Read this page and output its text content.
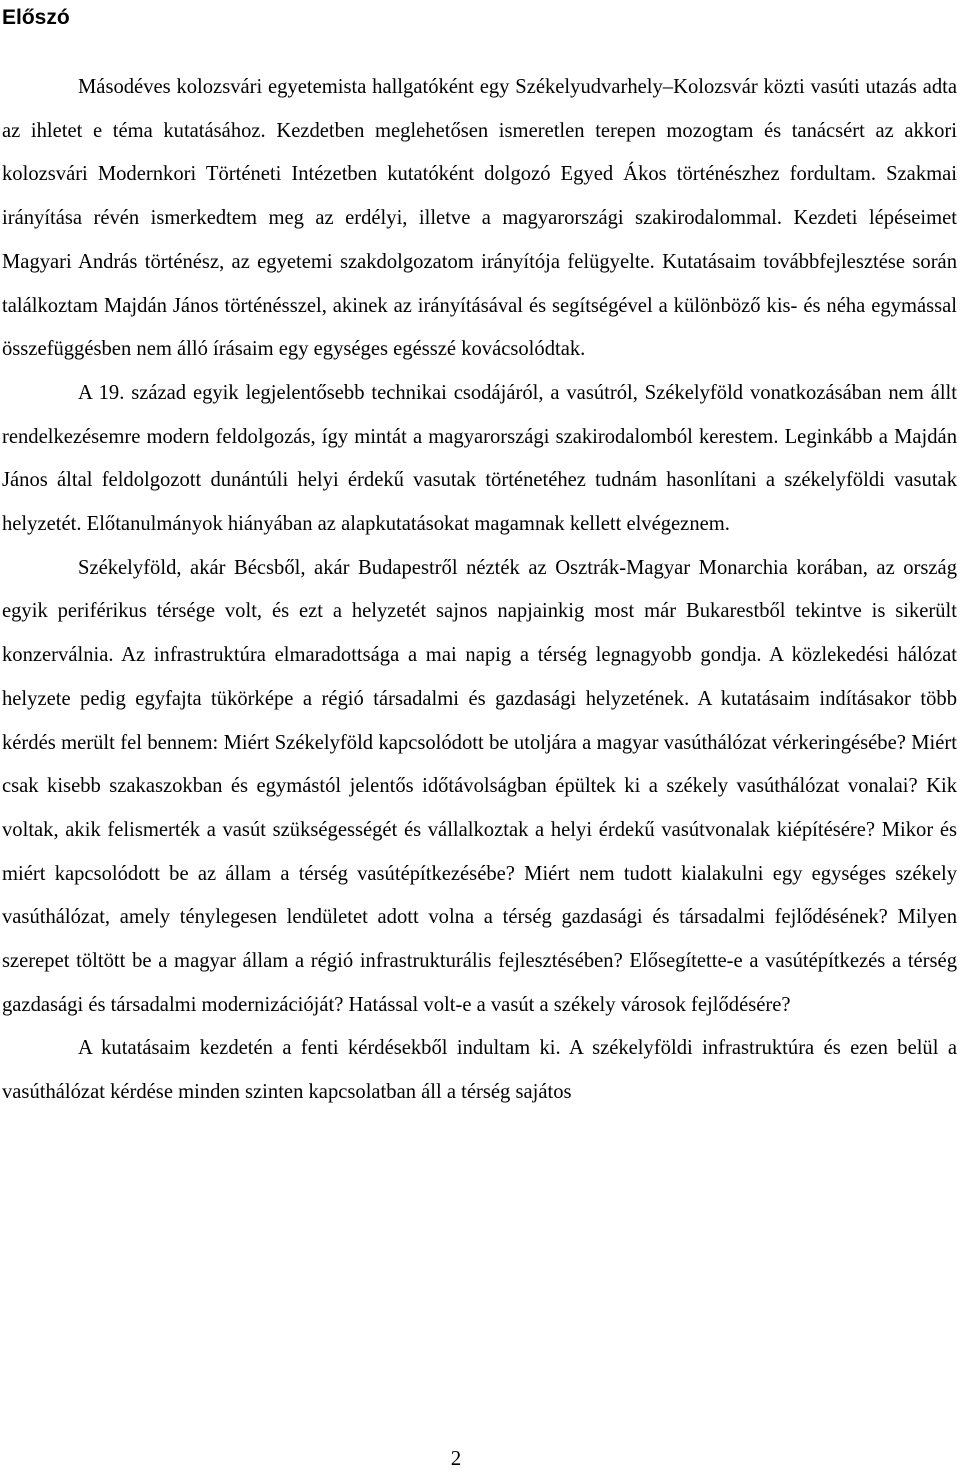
Előszó

Másodéves kolozsvári egyetemista hallgatóként egy Székelyudvarhely–Kolozsvár közti vasúti utazás adta az ihletet e téma kutatásához. Kezdetben meglehetősen ismeretlen terepen mozogtam és tanácsért az akkori kolozsvári Modernkori Történeti Intézetben kutatóként dolgozó Egyed Ákos történészhez fordultam. Szakmai irányítása révén ismerkedtem meg az erdélyi, illetve a magyarországi szakirodalommal. Kezdeti lépéseimet Magyari András történész, az egyetemi szakdolgozatom irányítója felügyelte. Kutatásaim továbbfejlesztése során találkoztam Majdán János történésszel, akinek az irányításával és segítségével a különböző kis- és néha egymással összefüggésben nem álló írásaim egy egységes egésszé kovácsolódtak.

A 19. század egyik legjelentősebb technikai csodájáról, a vasútról, Székelyföld vonatkozásában nem állt rendelkezésemre modern feldolgozás, így mintát a magyarországi szakirodalomból kerestem. Leginkább a Majdán János által feldolgozott dunántúli helyi érdekű vasutak történetéhez tudnám hasonlítani a székelyföldi vasutak helyzetét. Előtanulmányok hiányában az alapkutatásokat magamnak kellett elvégeznem.

Székelyföld, akár Bécsből, akár Budapestről nézték az Osztrák-Magyar Monarchia korában, az ország egyik periférikus térsége volt, és ezt a helyzetét sajnos napjainkig most már Bukarestből tekintve is sikerült konzerválnia. Az infrastruktúra elmaradottsága a mai napig a térség legnagyobb gondja. A közlekedési hálózat helyzete pedig egyfajta tükörképe a régió társadalmi és gazdasági helyzetének. A kutatásaim indításakor több kérdés merült fel bennem: Miért Székelyföld kapcsolódott be utoljára a magyar vasúthálózat vérkeringésébe? Miért csak kisebb szakaszokban és egymástól jelentős időtávolságban épültek ki a székely vasúthálózat vonalai? Kik voltak, akik felismerték a vasút szükségességét és vállalkoztak a helyi érdekű vasútvonalak kiépítésére? Mikor és miért kapcsolódott be az állam a térség vasútépítkezésébe? Miért nem tudott kialakulni egy egységes székely vasúthálózat, amely ténylegesen lendületet adott volna a térség gazdasági és társadalmi fejlődésének? Milyen szerepet töltött be a magyar állam a régió infrastrukturális fejlesztésében? Elősegítette-e a vasútépítkezés a térség gazdasági és társadalmi modernizációját? Hatással volt-e a vasút a székely városok fejlődésére?

A kutatásaim kezdetén a fenti kérdésekből indultam ki. A székelyföldi infrastruktúra és ezen belül a vasúthálózat kérdése minden szinten kapcsolatban áll a térség sajátos

2
